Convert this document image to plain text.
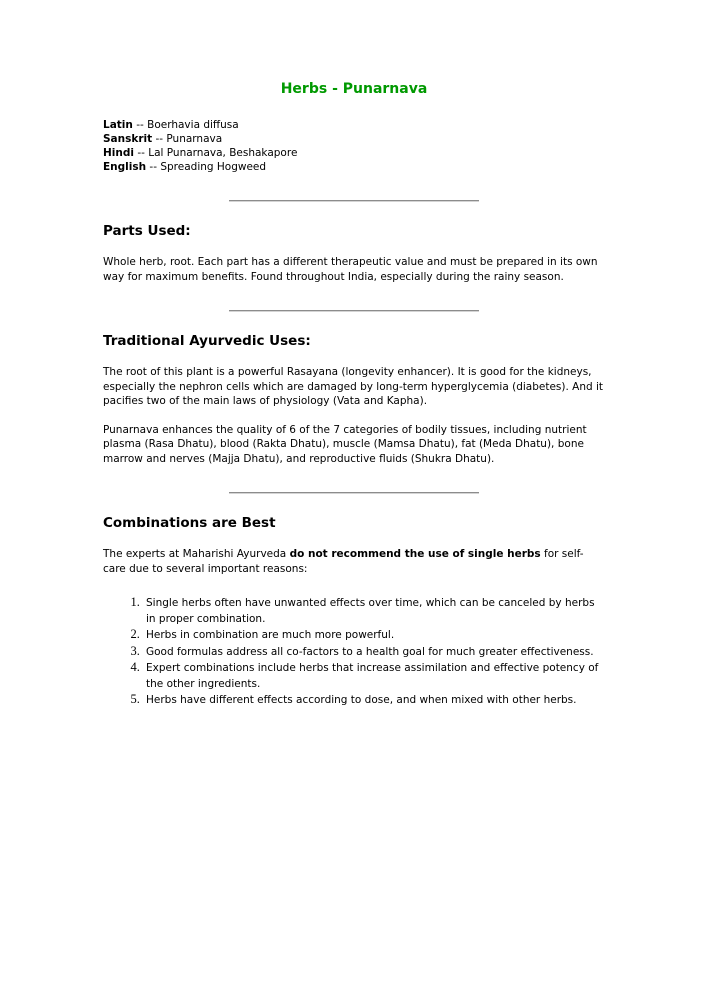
Herbs - Punarnava

Latin -- Boerhavia diffusa

Sanskrit -- Punarnava

Hindi -- Lal Punarnava, Beshakapore

English -- Spreading Hogweed

Parts Used:

Whole herb, root. Each part has a different therapeutic value and must be prepared in its own way for maximum benefits. Found throughout India, especially during the rainy season.

Traditional Ayurvedic Uses:

The root of this plant is a powerful Rasayana (longevity enhancer). It is good for the kidneys, especially the nephron cells which are damaged by long-term hyperglycemia (diabetes). And it pacifies two of the main laws of physiology (Vata and Kapha).

Punarnava enhances the quality of 6 of the 7 categories of bodily tissues, including nutrient plasma (Rasa Dhatu), blood (Rakta Dhatu), muscle (Mamsa Dhatu), fat (Meda Dhatu), bone marrow and nerves (Majja Dhatu), and reproductive fluids (Shukra Dhatu).

Combinations are Best

The experts at Maharishi Ayurveda do not recommend the use of single herbs for self-care due to several important reasons:

1. Single herbs often have unwanted effects over time, which can be canceled by herbs in proper combination.
2. Herbs in combination are much more powerful.
3. Good formulas address all co-factors to a health goal for much greater effectiveness.
4. Expert combinations include herbs that increase assimilation and effective potency of the other ingredients.
5. Herbs have different effects according to dose, and when mixed with other herbs.
